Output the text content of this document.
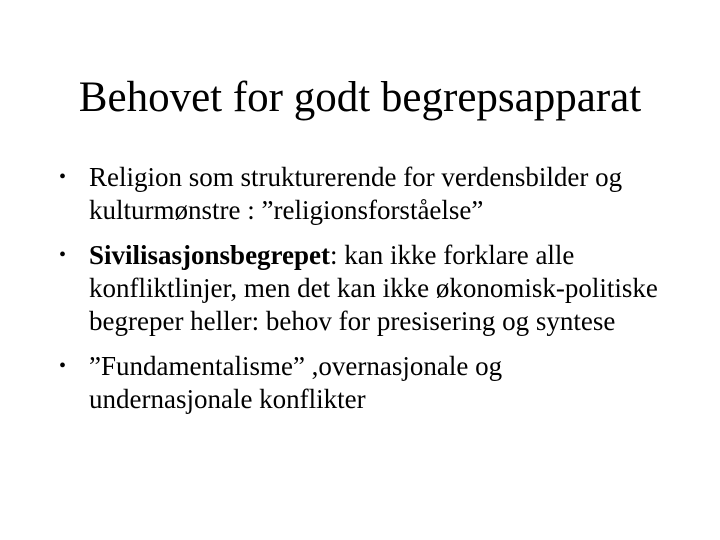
Behovet for godt begrepsapparat
• Religion som strukturerende for verdensbilder og kulturmønstre : ”religionsforståelse”
• Sivilisasjonsbegrepet: kan ikke forklare alle konfliktlinjer, men det kan ikke økonomisk-politiske begreper heller: behov for presisering og syntese
• ”Fundamentalisme” ,overnasjonale og undernasjonale konflikter
